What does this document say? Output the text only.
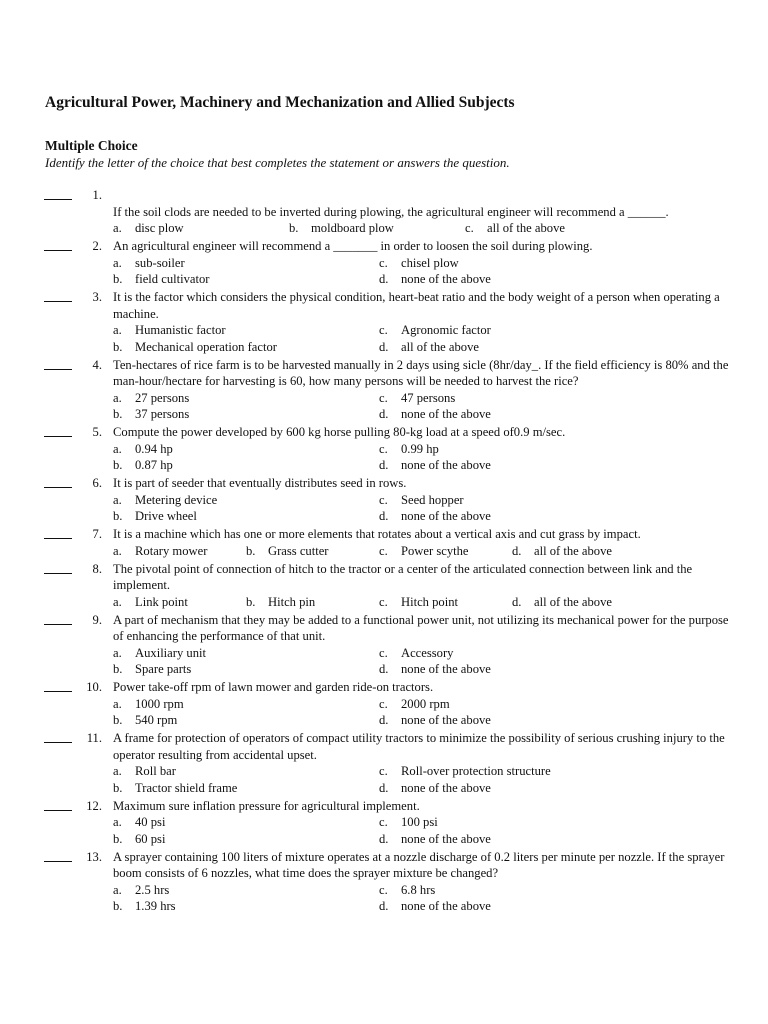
Agricultural Power, Machinery and Mechanization and Allied Subjects
Multiple Choice
Identify the letter of the choice that best completes the statement or answers the question.
1.
If the soil clods are needed to be inverted during plowing, the agricultural engineer will recommend a ______.
a. disc plow	b. moldboard plow	c. all of the above
2. An agricultural engineer will recommend a _______ in order to loosen the soil during plowing.
a. sub-soiler	c. chisel plow
b. field cultivator	d. none of the above
3. It is the factor which considers the physical condition, heart-beat ratio and the body weight of a person when operating a machine.
a. Humanistic factor	c. Agronomic factor
b. Mechanical operation factor	d. all of the above
4. Ten-hectares of rice farm is to be harvested manually in 2 days using sicle (8hr/day_. If the field efficiency is 80% and the man-hour/hectare for harvesting is 60, how many persons will be needed to harvest the rice?
a. 27 persons	c. 47 persons
b. 37 persons	d. none of the above
5. Compute the power developed by 600 kg horse pulling 80-kg load at a speed of0.9 m/sec.
a. 0.94 hp	c. 0.99 hp
b. 0.87 hp	d. none of the above
6. It is part of seeder that eventually distributes seed in rows.
a. Metering device	c. Seed hopper
b. Drive wheel	d. none of the above
7. It is a machine which has one or more elements that rotates about a vertical axis and cut grass by impact.
a. Rotary mower	b. Grass cutter	c. Power scythe	d. all of the above
8. The pivotal point of connection of hitch to the tractor or a center of the articulated connection between link and the implement.
a. Link point	b. Hitch pin	c. Hitch point	d. all of the above
9. A part of mechanism that they may be added to a functional power unit, not utilizing its mechanical power for the purpose of enhancing the performance of that unit.
a. Auxiliary unit	c. Accessory
b. Spare parts	d. none of the above
10. Power take-off rpm of lawn mower and garden ride-on tractors.
a. 1000 rpm	c. 2000 rpm
b. 540 rpm	d. none of the above
11. A frame for protection of operators of compact utility tractors to minimize the possibility of serious crushing injury to the operator resulting from accidental upset.
a. Roll bar	c. Roll-over protection structure
b. Tractor shield frame	d. none of the above
12. Maximum sure inflation pressure for agricultural implement.
a. 40 psi	c. 100 psi
b. 60 psi	d. none of the above
13. A sprayer containing 100 liters of mixture operates at a nozzle discharge of 0.2 liters per minute per nozzle. If the sprayer boom consists of 6 nozzles, what time does the sprayer mixture be changed?
a. 2.5 hrs	c. 6.8 hrs
b. 1.39 hrs	d. none of the above
